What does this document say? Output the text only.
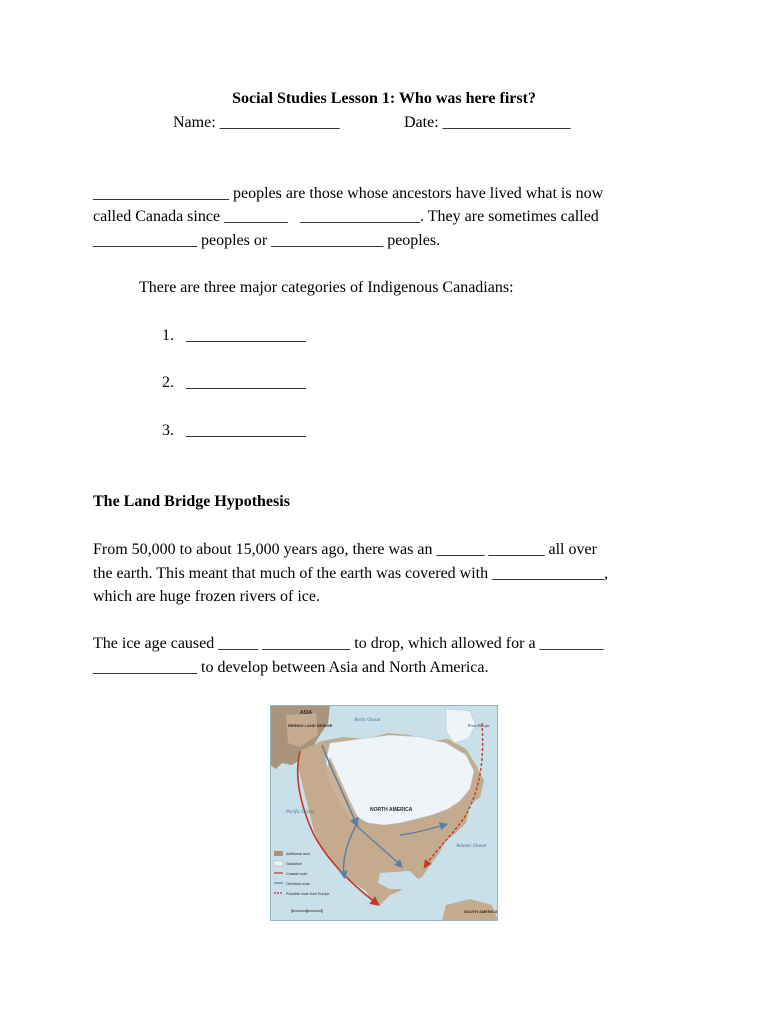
Social Studies Lesson 1: Who was here first?
Name: _______________	Date: ________________
_________________ peoples are those whose ancestors have lived what is now
called Canada since ________   _______________. They are sometimes called
_____________ peoples or ______________ peoples.
There are three major categories of Indigenous Canadians:
1. _______________
2. _______________
3. _______________
The Land Bridge Hypothesis
From 50,000 to about 15,000 years ago, there was an ______ _______ all over
the earth. This meant that much of the earth was covered with ______________,
which are huge frozen rivers of ice.
The ice age caused _____ ___________ to drop, which allowed for a ________
_____________ to develop between Asia and North America.
ASIA
BERING LAND BRIDGE
Arctic Ocean
From Europe
Pacific Ocean	NORTH AMERICA
Atlantic Ocean
SOUTH AMERICA
Additional land
Glaciation
Coastal route
Overland route
Possible route from Europe
